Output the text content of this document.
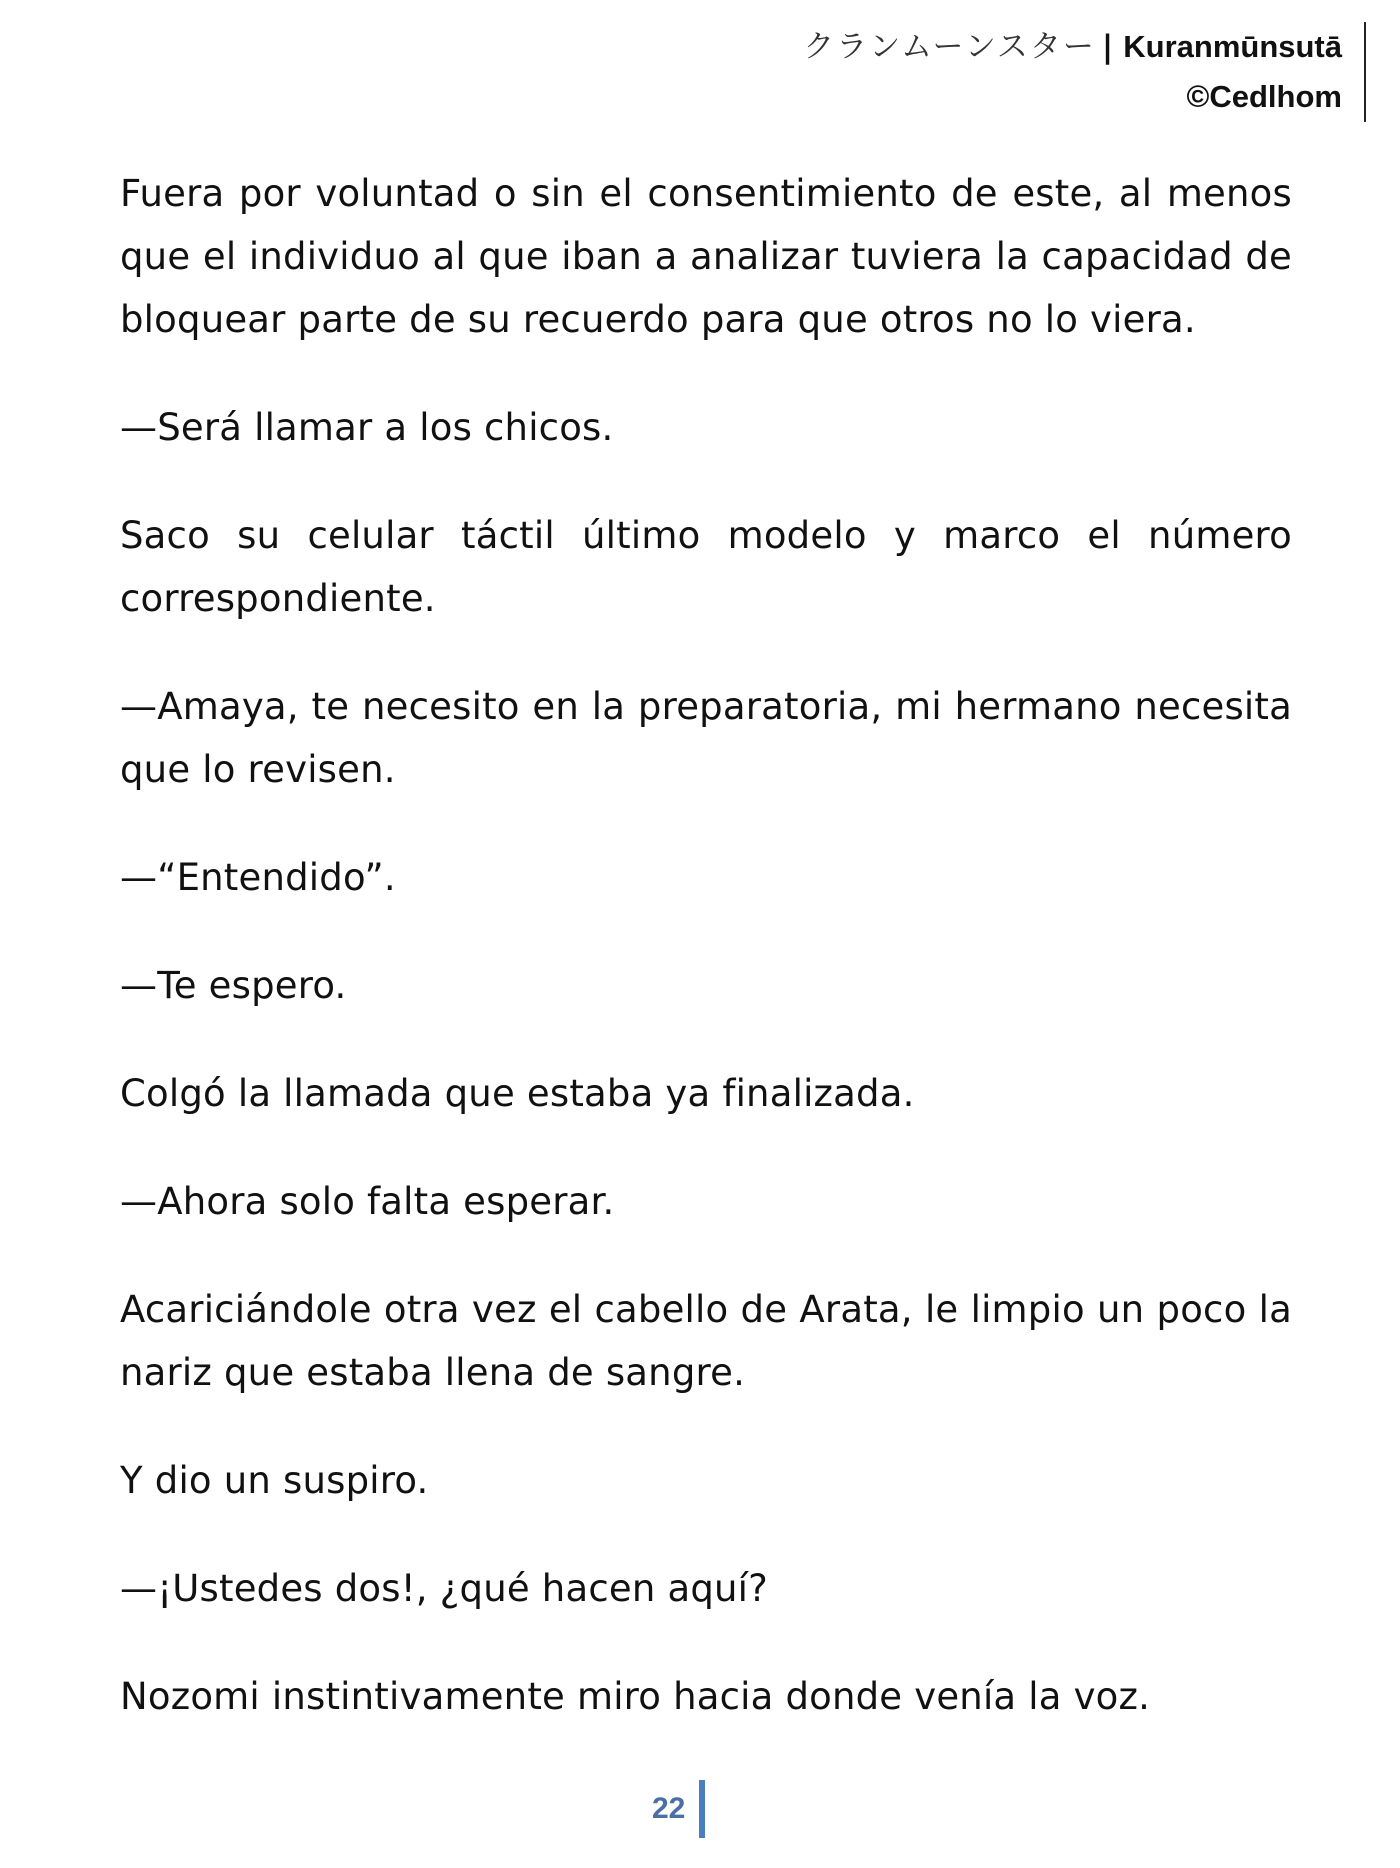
クランムーンスター | Kuranmūnsutā
©Cedlhom

Fuera por voluntad o sin el consentimiento de este, al menos que el individuo al que iban a analizar tuviera la capacidad de bloquear parte de su recuerdo para que otros no lo viera.

—Será llamar a los chicos.

Saco su celular táctil último modelo y marco el número correspondiente.

—Amaya, te necesito en la preparatoria, mi hermano necesita que lo revisen.

—“Entendido”.

—Te espero.

Colgó la llamada que estaba ya finalizada.

—Ahora solo falta esperar.

Acariciándole otra vez el cabello de Arata, le limpio un poco la nariz que estaba llena de sangre.

Y dio un suspiro.

—¡Ustedes dos!, ¿qué hacen aquí?

Nozomi instintivamente miro hacia donde venía la voz.

22
